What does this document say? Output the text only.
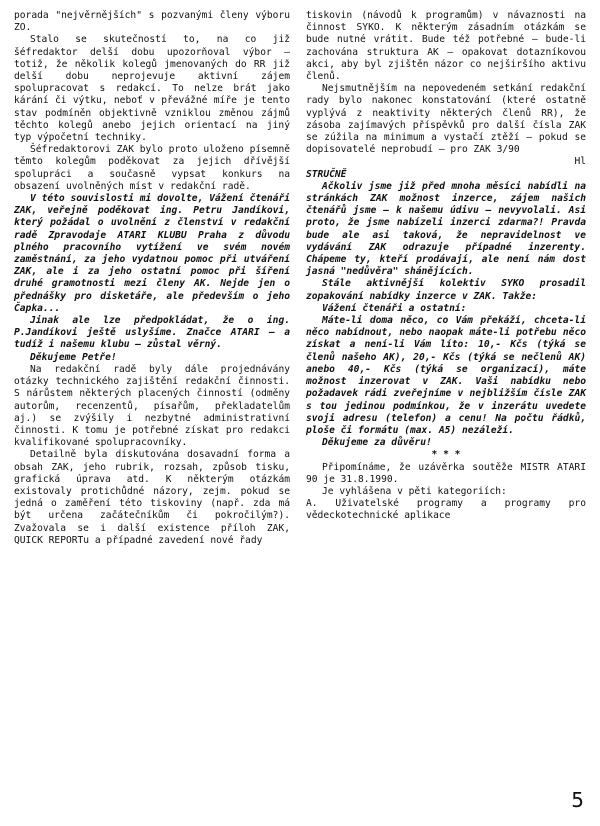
porada "nejvěrnějších" s pozvanými členy výboru ZO.

Stalo se skutečností to, na co již šéfredaktor delší dobu upozorňoval výbor – totiž, že několik kolegů jmenovaných do RR již delší dobu neprojevuje aktivní zájem spolupracovat s redakcí. To nelze brát jako kárání či výtku, neboť v převážné míře je tento stav podmíněn objektivně vzniklou změnou zájmů těchto kolegů anebo jejich orientací na jiný typ výpočetní techniky.

Šéfredaktorovi ZAK bylo proto uloženo písemně těmto kolegům poděkovat za jejich dřívější spolupráci a současně vypsat konkurs na obsazení uvolněných míst v redakční radě.

V této souvislosti mi dovolte, Vážení čtenáři ZAK, veřejně poděkovat ing. Petru Jandíkovi, který požádal o uvolnění z členství v redakční radě Zpravodaje ATARI KLUBU Praha z důvodu plného pracovního vytížení ve svém novém zaměstnání, za jeho vydatnou pomoc při utváření ZAK, ale i za jeho ostatní pomoc při šíření druhé gramotnosti mezi členy AK. Nejde jen o přednášky pro disketáře, ale především o jeho Čapka...

Jinak ale lze předpokládat, že o ing. P.Jandíkovi ještě uslyšíme. Značce ATARI – a tudíž i našemu klubu – zůstal věrný.

Děkujeme Petře!

Na redakční radě byly dále projednávány otázky technického zajištění redakční činnosti. S nárůstem některých placených činností (odměny autorům, recenzentů, písařům, překladatelům aj.) se zvýšily i nezbytné administrativní činnosti. K tomu je potřebné získat pro redakci kvalifikované spolupracovníky.

Detailně byla diskutována dosavadní forma a obsah ZAK, jeho rubrik, rozsah, způsob tisku, grafická úprava atd. K některým otázkám existovaly protichůdné názory, zejm. pokud se jedná o zaměření této tiskoviny (např. zda má být určena začátečníkům či pokročilým?). Zvažovala se i další existence příloh ZAK, QUICK REPORTu a případné zavedení nové řady

tiskovin (návodů k programům) v návaznosti na činnost SYKO. K některým zásadním otázkám se bude nutné vrátit. Bude též potřebné – bude-li zachována struktura AK – opakovat dotazníkovou akci, aby byl zjištěn názor co nejširšího aktivu členů.

Nejsmutnějším na nepovedeném setkání redakční rady bylo nakonec konstatování (které ostatně vyplývá z neaktivity některých členů RR), že zásoba zajímavých příspěvků pro další čísla ZAK se zúžila na minimum a vystačí ztěží – pokud se dopisovatelé neprobudí – pro ZAK 3/90

Hl

STRUČNĚ

Ačkoliv jsme již před mnoha měsíci nabídli na stránkách ZAK možnost inzerce, zájem našich čtenářů jsme – k našemu údivu – nevyvolali. Asi proto, že jsme nabízeli inzerci zdarma?! Pravda bude ale asi taková, že nepravidelnost ve vydávání ZAK odrazuje případné inzerenty. Chápeme ty, kteří prodávají, ale není nám dost jasná "nedůvěra" shánějících.

Stále aktivnější kolektiv SYKO prosadil zopakování nabídky inzerce v ZAK. Takže:

Vážení čtenáři a ostatní:

Máte-li doma něco, co Vám překáží, chceta-li něco nabídnout, nebo naopak máte-li potřebu něco získat a není-li Vám líto: 10,- Kčs (týká se členů našeho AK), 20,- Kčs (týká se nečlenů AK) anebo 40,- Kčs (týká se organizací), máte možnost inzerovat v ZAK. Vaši nabídku nebo požadavek rádi zveřejníme v nejbližším čísle ZAK s tou jedinou podmínkou, že v inzerátu uvedete svoji adresu (telefon) a cenu! Na počtu řádků, ploše či formátu (max. A5) nezáleží.

Děkujeme za důvěru!

* * *

Připomínáme, že uzávěrka soutěže MISTR ATARI 90 je 31.8.1990.

Je vyhlášena v pěti kategoriích:

A. Uživatelské programy a programy pro vědeckotechnické aplikace

5
